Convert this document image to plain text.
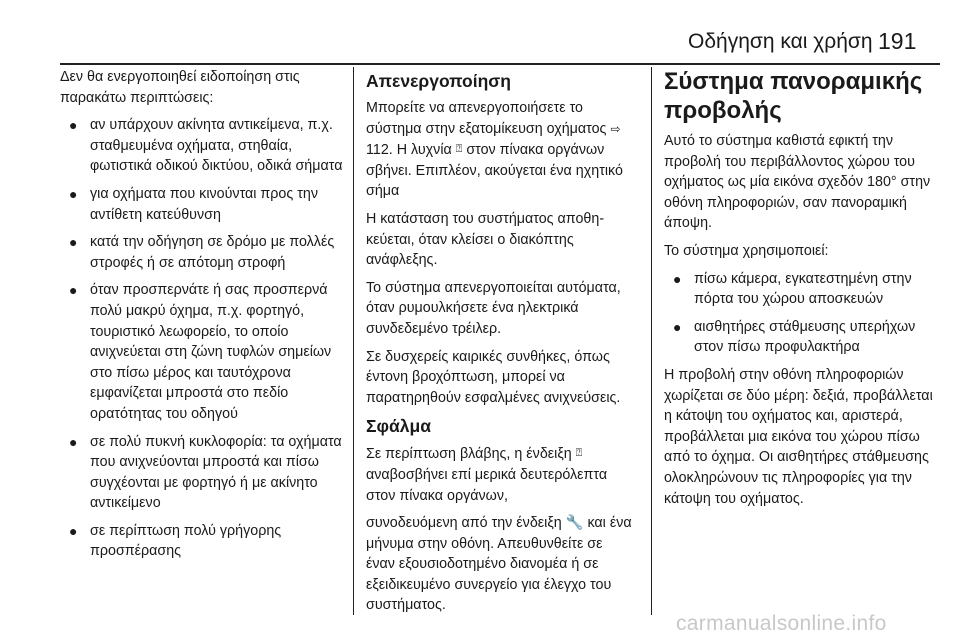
Οδήγηση και χρήση 191

Δεν θα ενεργοποιηθεί ειδοποίηση στις παρακάτω περιπτώσεις:

● αν υπάρχουν ακίνητα αντικείμενα, π.χ. σταθμευμένα οχήματα, στηθαία, φωτιστικά οδικού δικτύου, οδικά σήματα
● για οχήματα που κινούνται προς την αντίθετη κατεύθυνση
● κατά την οδήγηση σε δρόμο με πολλές στροφές ή σε απότομη στροφή
● όταν προσπερνάτε ή σας προσπερνά πολύ μακρύ όχημα, π.χ. φορτηγό, τουριστικό λεωφορείο, το οποίο ανιχνεύεται στη ζώνη τυφλών σημείων στο πίσω μέρος και ταυτόχρονα εμφανίζεται μπροστά στο πεδίο ορατότητας του οδηγού
● σε πολύ πυκνή κυκλοφορία: τα οχήματα που ανιχνεύονται μπροστά και πίσω συγχέονται με φορτηγό ή με ακίνητο αντικείμενο
● σε περίπτωση πολύ γρήγορης προσπέρασης
Απενεργοποίηση

Μπορείτε να απενεργοποιήσετε το σύστημα στην εξατομίκευση οχήματος ⇨ 112. Η λυχνία ⍰ στον πίνακα οργάνων σβήνει. Επιπλέον, ακούγεται ένα ηχητικό σήμα

Η κατάσταση του συστήματος αποθηκεύεται, όταν κλείσει ο διακόπτης ανάφλεξης.

Το σύστημα απενεργοποιείται αυτόματα, όταν ρυμουλκήσετε ένα ηλεκτρικά συνδεδεμένο τρέιλερ.

Σε δυσχερείς καιρικές συνθήκες, όπως έντονη βροχόπτωση, μπορεί να παρατηρηθούν εσφαλμένες ανιχνεύσεις.

Σφάλμα

Σε περίπτωση βλάβης, η ένδειξη ⍰ αναβοσβήνει επί μερικά δευτερόλεπτα στον πίνακα οργάνων,

συνοδευόμενη από την ένδειξη 🔧 και ένα μήνυμα στην οθόνη. Απευθυνθείτε σε έναν εξουσιοδοτημένο διανομέα ή σε εξειδικευμένο συνεργείο για έλεγχο του συστήματος.

Σύστημα πανοραμικής προβολής

Αυτό το σύστημα καθιστά εφικτή την προβολή του περιβάλλοντος χώρου του οχήματος ως μία εικόνα σχεδόν 180° στην οθόνη πληροφοριών, σαν πανοραμική άποψη.

Το σύστημα χρησιμοποιεί:

● πίσω κάμερα, εγκατεστημένη στην πόρτα του χώρου αποσκευών
● αισθητήρες στάθμευσης υπερήχων στον πίσω προφυλακτήρα

Η προβολή στην οθόνη πληροφοριών χωρίζεται σε δύο μέρη: δεξιά, προβάλλεται η κάτοψη του οχήματος και, αριστερά, προβάλλεται μια εικόνα του χώρου πίσω από το όχημα. Οι αισθητήρες στάθμευσης ολοκληρώνουν τις πληροφορίες για την κάτοψη του οχήματος.

carmanualsonline.info
